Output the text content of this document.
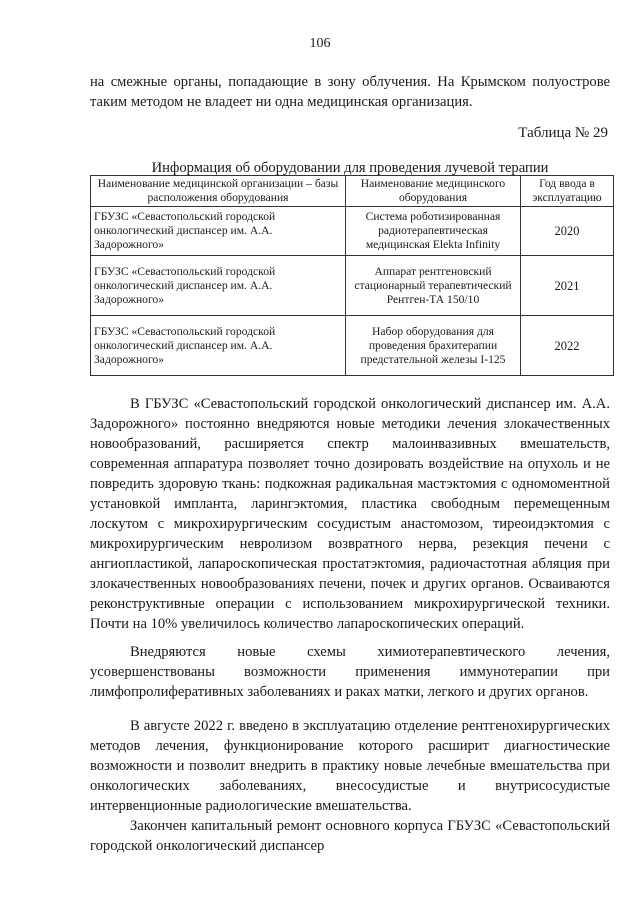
106
на смежные органы, попадающие в зону облучения. На Крымском полуострове таким методом не владеет ни одна медицинская организация.
Таблица № 29
Информация об оборудовании для проведения лучевой терапии
Наименование медицинской организации – базы расположения оборудования	Наименование медицинского оборудования	Год ввода в эксплуатацию
ГБУЗС «Севастопольский городской онкологический диспансер им. А.А. Задорожного»	Система роботизированная радиотерапевтическая медицинская Elekta Infinity	2020
ГБУЗС «Севастопольский городской онкологический диспансер им. А.А. Задорожного»	Аппарат рентгеновский стационарный терапевтический Рентген-ТА 150/10	2021
ГБУЗС «Севастопольский городской онкологический диспансер им. А.А. Задорожного»	Набор оборудования для проведения брахитерапии предстательной железы I-125	2022
В ГБУЗС «Севастопольский городской онкологический диспансер им. А.А. Задорожного» постоянно внедряются новые методики лечения злокачественных новообразований, расширяется спектр малоинвазивных вмешательств, современная аппаратура позволяет точно дозировать воздействие на опухоль и не повредить здоровую ткань: подкожная радикальная мастэктомия с одномоментной установкой импланта, ларингэктомия, пластика свободным перемещенным лоскутом с микрохирургическим сосудистым анастомозом, тиреоидэктомия с микрохирургическим невролизом возвратного нерва, резекция печени с ангиопластикой, лапароскопическая простатэктомия, радиочастотная абляция при злокачественных новообразованиях печени, почек и других органов. Осваиваются реконструктивные операции с использованием микрохирургической техники. Почти на 10% увеличилось количество лапароскопических операций.
Внедряются новые схемы химиотерапевтического лечения, усовершенствованы возможности применения иммунотерапии при лимфопролиферативных заболеваниях и раках матки, легкого и других органов.
В августе 2022 г. введено в эксплуатацию отделение рентгенохирургических методов лечения, функционирование которого расширит диагностические возможности и позволит внедрить в практику новые лечебные вмешательства при онкологических заболеваниях, внесосудистые и внутрисосудистые интервенционные радиологические вмешательства.
Закончен капитальный ремонт основного корпуса ГБУЗС «Севастопольский городской онкологический диспансер
